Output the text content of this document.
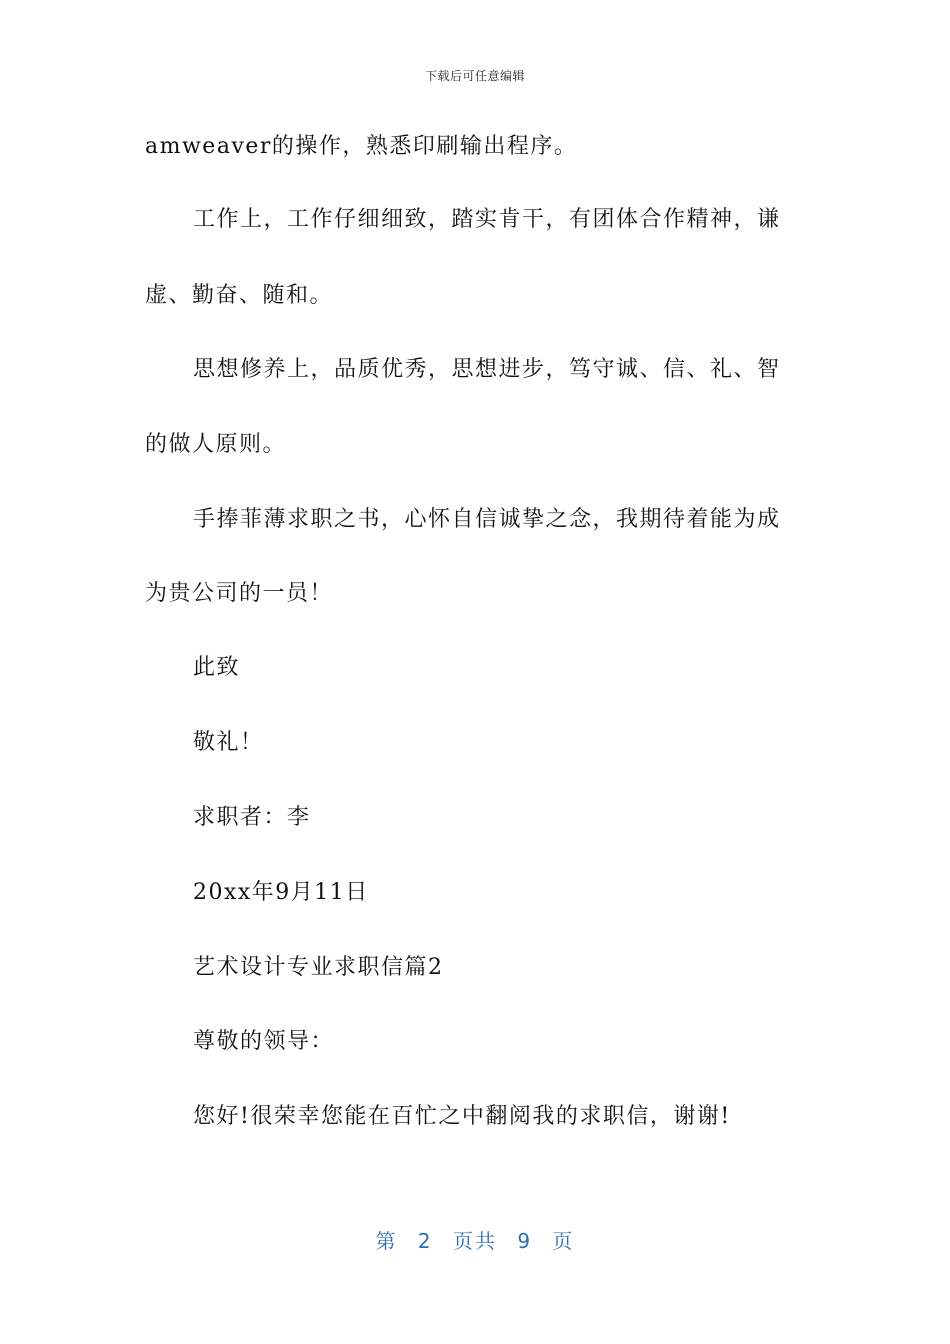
下载后可任意编辑
amweaver的操作，熟悉印刷输出程序。
工作上，工作仔细细致，踏实肯干，有团体合作精神，谦
虚、勤奋、随和。
思想修养上，品质优秀，思想进步，笃守诚、信、礼、智
的做人原则。
手捧菲薄求职之书，心怀自信诚挚之念，我期待着能为成
为贵公司的一员！
此致
敬礼！
求职者：李
20xx年9月11日
艺术设计专业求职信篇2
尊敬的领导：
您好!很荣幸您能在百忙之中翻阅我的求职信，谢谢!
第 2 页共 9 页
